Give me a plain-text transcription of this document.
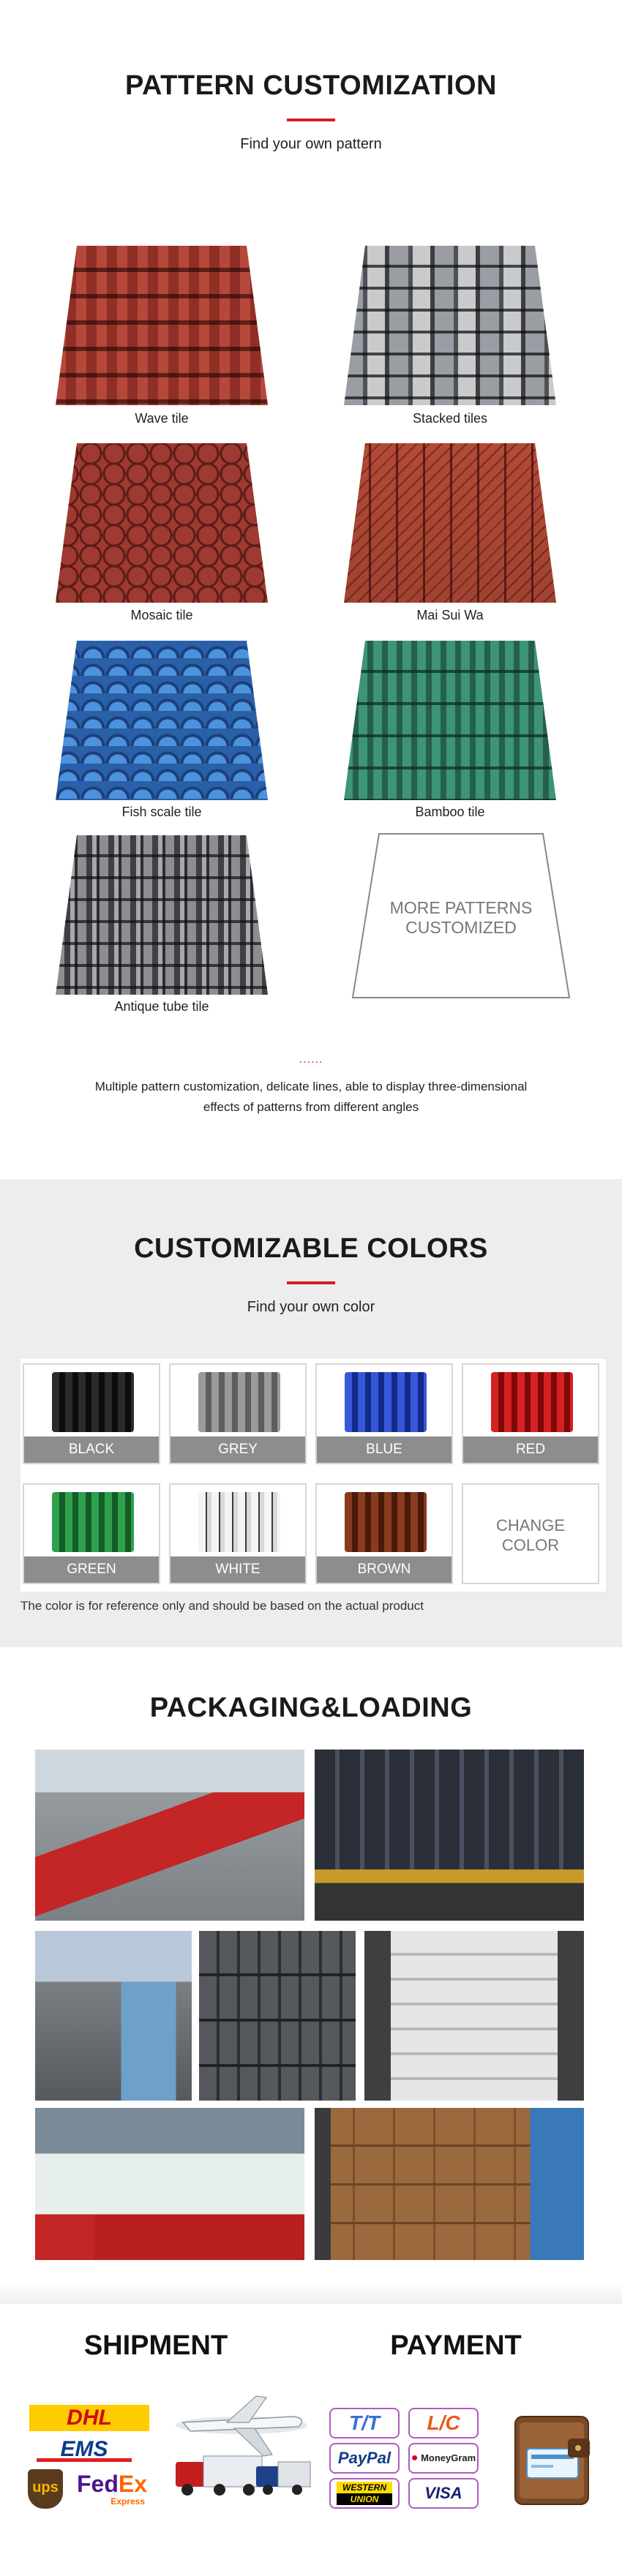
PATTERN CUSTOMIZATION
Find your own pattern
Wave tile	Stacked tiles
Mosaic tile	Mai Sui Wa
Fish scale tile	Bamboo tile
Antique tube tile
MORE PATTERNS
CUSTOMIZED
......
Multiple pattern customization, delicate lines, able to display three-dimensional
effects of patterns from different angles
CUSTOMIZABLE COLORS
Find your own color
BLACK	GREY	BLUE	RED
GREEN	WHITE	BROWN
CHANGE
COLOR
The color is for reference only and should be based on the actual product
PACKAGING&LOADING
SHIPMENT	PAYMENT
DHL
EMS
ups FedEx
Express
T/T	L/C
PayPal	● MoneyGram
WESTERN
UNION	VISA
